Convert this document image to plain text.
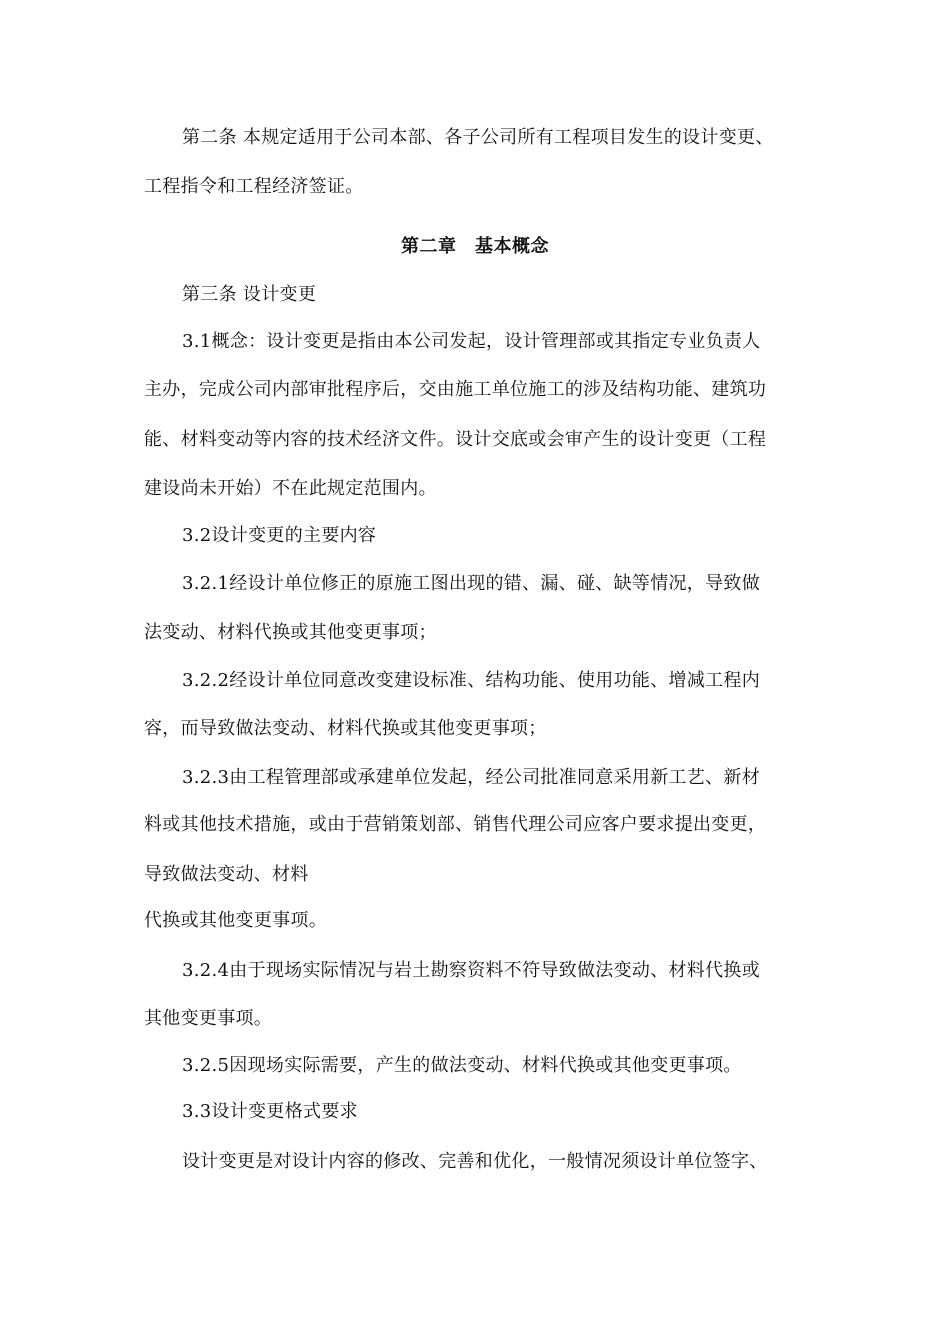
第二条 本规定适用于公司本部、各子公司所有工程项目发生的设计变更、
工程指令和工程经济签证。
第二章　基本概念
第三条 设计变更
3.1概念：设计变更是指由本公司发起，设计管理部或其指定专业负责人
主办，完成公司内部审批程序后，交由施工单位施工的涉及结构功能、建筑功
能、材料变动等内容的技术经济文件。设计交底或会审产生的设计变更（工程
建设尚未开始）不在此规定范围内。
3.2设计变更的主要内容
3.2.1经设计单位修正的原施工图出现的错、漏、碰、缺等情况，导致做
法变动、材料代换或其他变更事项；
3.2.2经设计单位同意改变建设标准、结构功能、使用功能、增减工程内
容，而导致做法变动、材料代换或其他变更事项；
3.2.3由工程管理部或承建单位发起，经公司批准同意采用新工艺、新材
料或其他技术措施，或由于营销策划部、销售代理公司应客户要求提出变更，
导致做法变动、材料
代换或其他变更事项。
3.2.4由于现场实际情况与岩土勘察资料不符导致做法变动、材料代换或
其他变更事项。
3.2.5因现场实际需要，产生的做法变动、材料代换或其他变更事项。
3.3设计变更格式要求
设计变更是对设计内容的修改、完善和优化，一般情况须设计单位签字、
